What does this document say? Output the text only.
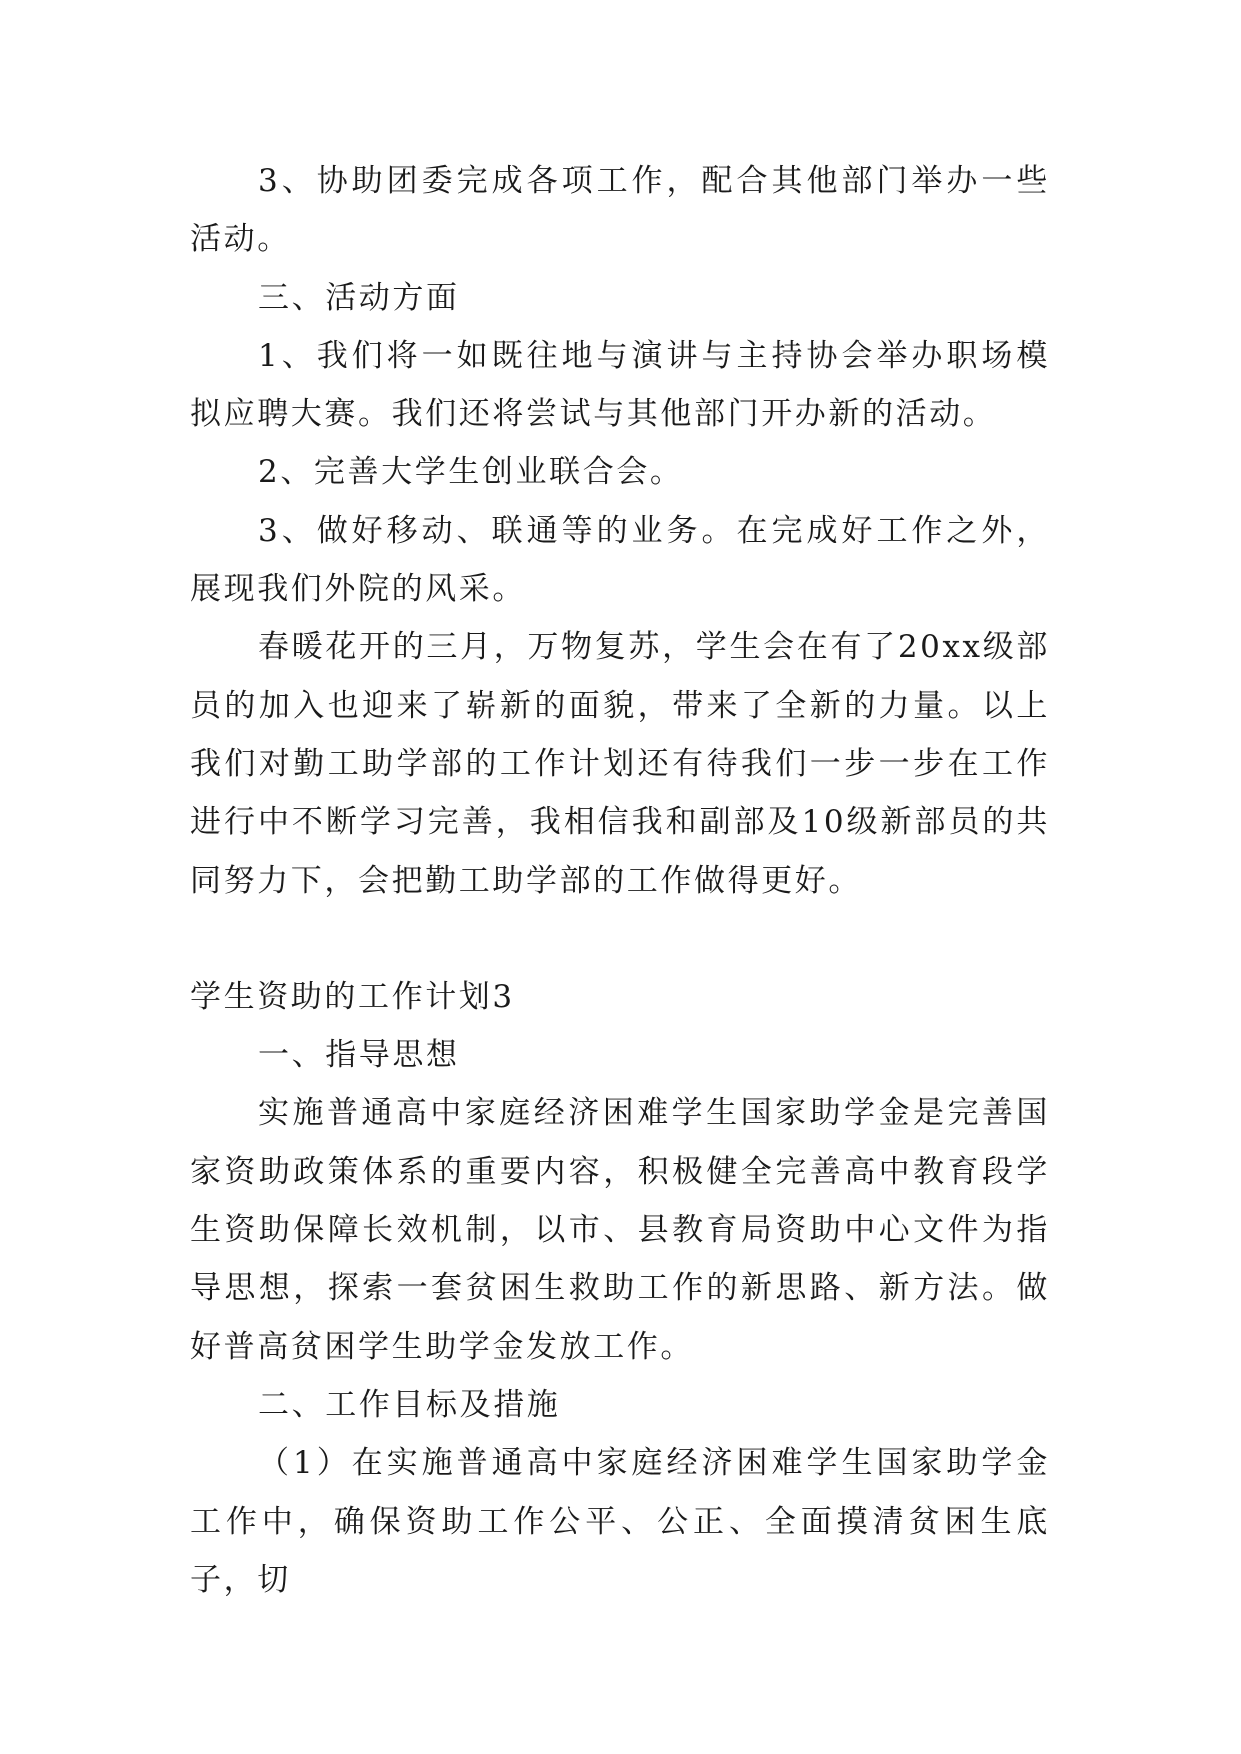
3、协助团委完成各项工作，配合其他部门举办一些活动。

三、活动方面

1、我们将一如既往地与演讲与主持协会举办职场模拟应聘大赛。我们还将尝试与其他部门开办新的活动。

2、完善大学生创业联合会。

3、做好移动、联通等的业务。在完成好工作之外，展现我们外院的风采。

春暖花开的三月，万物复苏，学生会在有了20xx级部员的加入也迎来了崭新的面貌，带来了全新的力量。以上我们对勤工助学部的工作计划还有待我们一步一步在工作进行中不断学习完善，我相信我和副部及10级新部员的共同努力下，会把勤工助学部的工作做得更好。

学生资助的工作计划3

一、指导思想

实施普通高中家庭经济困难学生国家助学金是完善国家资助政策体系的重要内容，积极健全完善高中教育段学生资助保障长效机制，以市、县教育局资助中心文件为指导思想，探索一套贫困生救助工作的新思路、新方法。做好普高贫困学生助学金发放工作。

二、工作目标及措施

（1）在实施普通高中家庭经济困难学生国家助学金工作中，确保资助工作公平、公正、全面摸清贫困生底子，切
